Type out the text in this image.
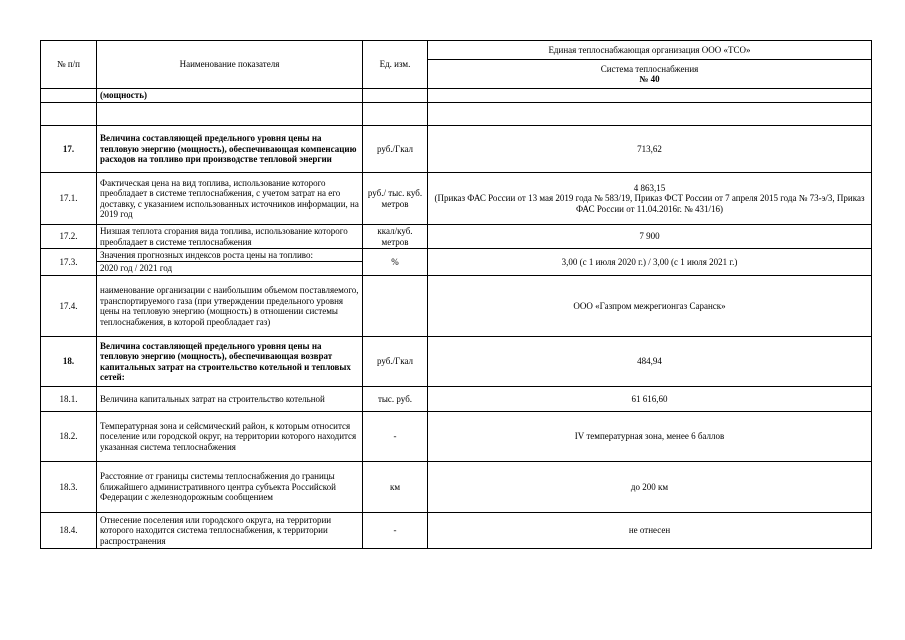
№ п/п	Наименование показателя	Ед. изм.	Единая теплоснабжающая организация ООО «ТСО»

			Система теплоснабжения
№ 40

	(мощность)		

17.	Величина составляющей предельного уровня цены на тепловую энергию (мощность), обеспечивающая компенсацию расходов на топливо при производстве тепловой энергии	руб./Гкал	713,62
17.1.	Фактическая цена на вид топлива, использование которого преобладает в системе теплоснабжения, с учетом затрат на его доставку, с указанием использованных источников информации, на 2019 год	руб./ тыс. куб. метров	4 863,15
(Приказ ФАС России от 13 мая 2019 года № 583/19, Приказ ФСТ России от 7 апреля 2015 года № 73-э/3, Приказ ФАС России от 11.04.2016г. № 431/16)

17.2.	Низшая теплота сгорания вида топлива, использование которого преобладает в системе теплоснабжения	ккал/куб. метров	7 900
17.3.	Значения прогнозных индексов роста цены на топливо:	%	3,00 (с 1 июля 2020 г.) / 3,00 (с 1 июля 2021 г.)
	2020 год / 2021 год		
17.4.	наименование организации с наибольшим объемом поставляемого, транспортируемого газа (при утверждении предельного уровня цены на тепловую энергию (мощность) в отношении системы теплоснабжения, в которой преобладает газ)		ООО «Газпром межрегионгаз Саранск»
18.	Величина составляющей предельного уровня цены на тепловую энергию (мощность), обеспечивающая возврат капитальных затрат на строительство котельной и тепловых сетей:	руб./Гкал	484,94
18.1.	Величина капитальных затрат на строительство котельной	тыс. руб.	61 616,60
18.2.	Температурная зона и сейсмический район, к которым относится поселение или городской округ, на территории которого находится указанная система теплоснабжения	-	IV температурная зона, менее 6 баллов
18.3.	Расстояние от границы системы теплоснабжения до границы ближайшего административного центра субъекта Российской Федерации с железнодорожным сообщением	км	до 200 км
18.4.	Отнесение поселения или городского округа, на территории которого находится система теплоснабжения, к территории распространения	-	не отнесен
